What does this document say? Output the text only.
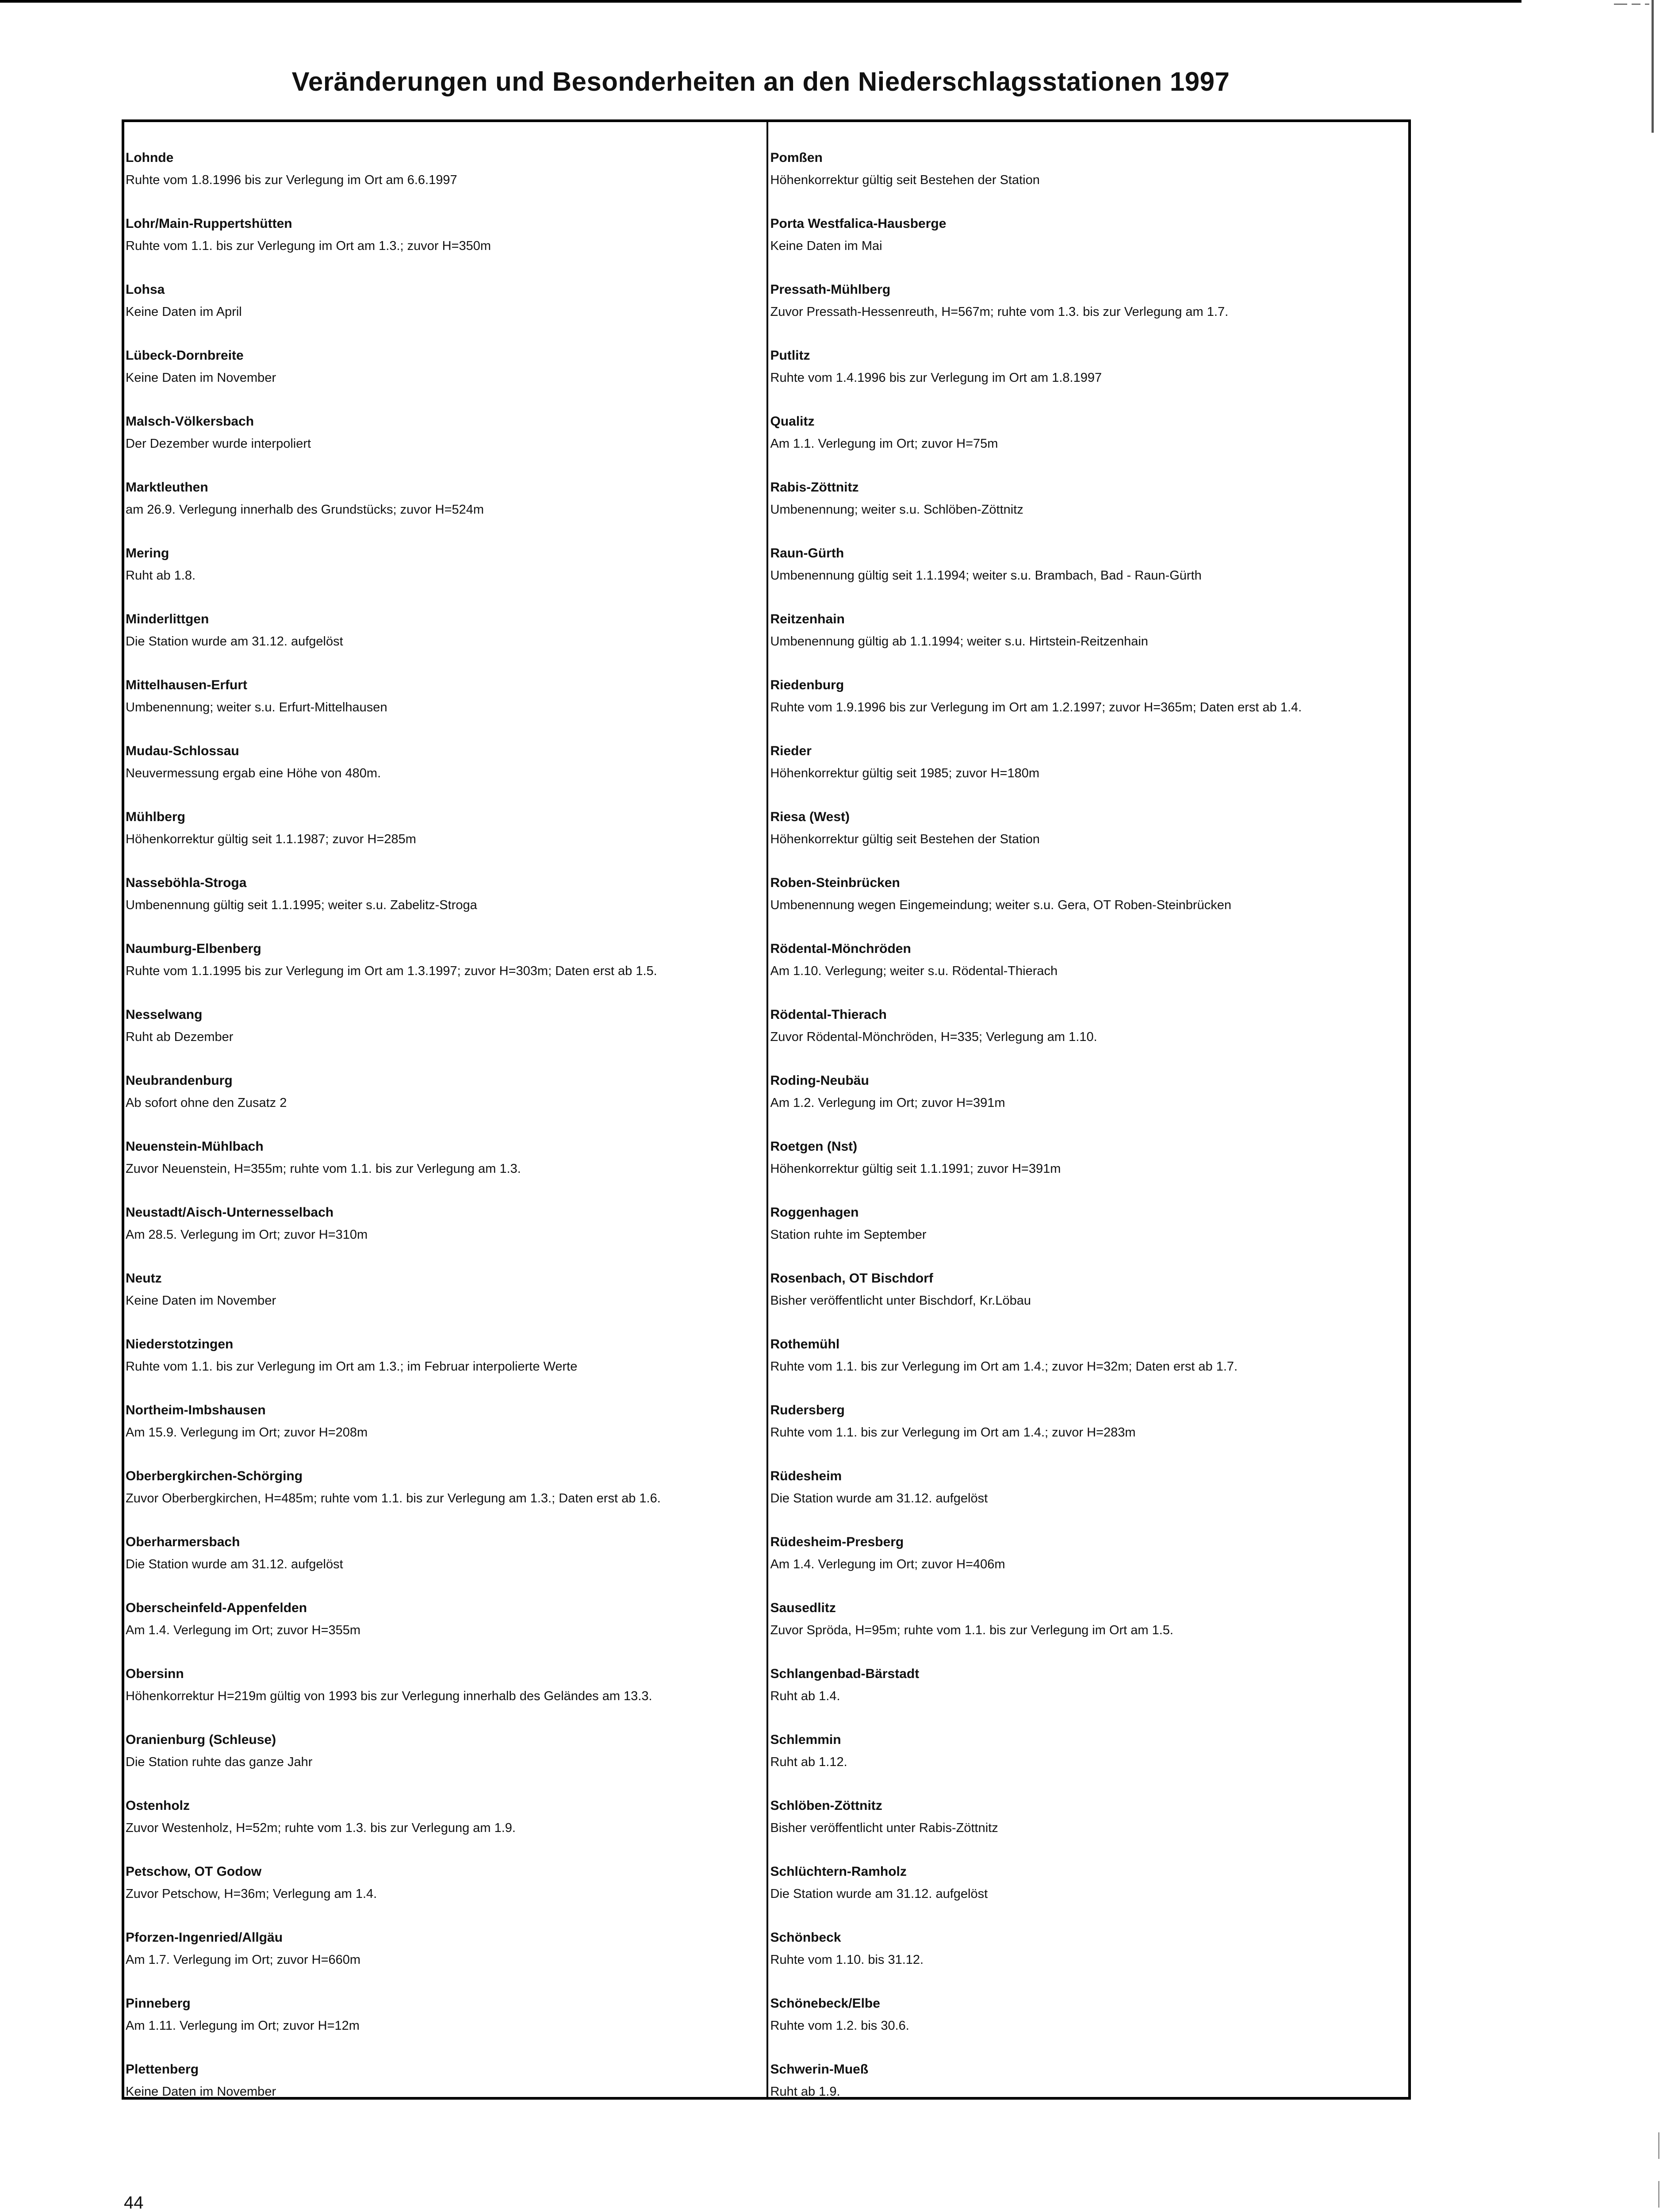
Veränderungen und Besonderheiten an den Niederschlagsstationen 1997
Lohnde
Ruhte vom 1.8.1996 bis zur Verlegung im Ort am 6.6.1997
Lohr/Main-Ruppertshütten
Ruhte vom 1.1. bis zur Verlegung im Ort am 1.3.; zuvor H=350m
Lohsa
Keine Daten im April
Lübeck-Dornbreite
Keine Daten im November
Malsch-Völkersbach
Der Dezember wurde interpoliert
Marktleuthen
am 26.9. Verlegung innerhalb des Grundstücks; zuvor H=524m
Mering
Ruht ab 1.8.
Minderlittgen
Die Station wurde am 31.12. aufgelöst
Mittelhausen-Erfurt
Umbenennung; weiter s.u. Erfurt-Mittelhausen
Mudau-Schlossau
Neuvermessung ergab eine Höhe von 480m.
Mühlberg
Höhenkorrektur gültig seit 1.1.1987; zuvor H=285m
Nasseböhla-Stroga
Umbenennung gültig seit 1.1.1995; weiter s.u. Zabelitz-Stroga
Naumburg-Elbenberg
Ruhte vom 1.1.1995 bis zur Verlegung im Ort am 1.3.1997; zuvor H=303m; Daten erst ab 1.5.
Nesselwang
Ruht ab Dezember
Neubrandenburg
Ab sofort ohne den Zusatz 2
Neuenstein-Mühlbach
Zuvor Neuenstein, H=355m; ruhte vom 1.1. bis zur Verlegung am 1.3.
Neustadt/Aisch-Unternesselbach
Am 28.5. Verlegung im Ort; zuvor H=310m
Neutz
Keine Daten im November
Niederstotzingen
Ruhte vom 1.1. bis zur Verlegung im Ort am 1.3.; im Februar interpolierte Werte
Northeim-Imbshausen
Am 15.9. Verlegung im Ort; zuvor H=208m
Oberbergkirchen-Schörging
Zuvor Oberbergkirchen, H=485m; ruhte vom 1.1. bis zur Verlegung am 1.3.; Daten erst ab 1.6.
Oberharmersbach
Die Station wurde am 31.12. aufgelöst
Oberscheinfeld-Appenfelden
Am 1.4. Verlegung im Ort; zuvor H=355m
Obersinn
Höhenkorrektur H=219m gültig von 1993 bis zur Verlegung innerhalb des Geländes am 13.3.
Oranienburg (Schleuse)
Die Station ruhte das ganze Jahr
Ostenholz
Zuvor Westenholz, H=52m; ruhte vom 1.3. bis zur Verlegung am 1.9.
Petschow, OT Godow
Zuvor Petschow, H=36m; Verlegung am 1.4.
Pforzen-Ingenried/Allgäu
Am 1.7. Verlegung im Ort; zuvor H=660m
Pinneberg
Am 1.11. Verlegung im Ort; zuvor H=12m
Plettenberg
Keine Daten im November
Pomßen
Höhenkorrektur gültig seit Bestehen der Station
Porta Westfalica-Hausberge
Keine Daten im Mai
Pressath-Mühlberg
Zuvor Pressath-Hessenreuth, H=567m; ruhte vom 1.3. bis zur Verlegung am 1.7.
Putlitz
Ruhte vom 1.4.1996 bis zur Verlegung im Ort am 1.8.1997
Qualitz
Am 1.1. Verlegung im Ort; zuvor H=75m
Rabis-Zöttnitz
Umbenennung; weiter s.u. Schlöben-Zöttnitz
Raun-Gürth
Umbenennung gültig seit 1.1.1994; weiter s.u. Brambach, Bad - Raun-Gürth
Reitzenhain
Umbenennung gültig ab 1.1.1994; weiter s.u. Hirtstein-Reitzenhain
Riedenburg
Ruhte vom 1.9.1996 bis zur Verlegung im Ort am 1.2.1997; zuvor H=365m; Daten erst ab 1.4.
Rieder
Höhenkorrektur gültig seit 1985; zuvor H=180m
Riesa (West)
Höhenkorrektur gültig seit Bestehen der Station
Roben-Steinbrücken
Umbenennung wegen Eingemeindung; weiter s.u. Gera, OT Roben-Steinbrücken
Rödental-Mönchröden
Am 1.10. Verlegung; weiter s.u. Rödental-Thierach
Rödental-Thierach
Zuvor Rödental-Mönchröden, H=335; Verlegung am 1.10.
Roding-Neubäu
Am 1.2. Verlegung im Ort; zuvor H=391m
Roetgen (Nst)
Höhenkorrektur gültig seit 1.1.1991; zuvor H=391m
Roggenhagen
Station ruhte im September
Rosenbach, OT Bischdorf
Bisher veröffentlicht unter Bischdorf, Kr.Löbau
Rothemühl
Ruhte vom 1.1. bis zur Verlegung im Ort am 1.4.; zuvor H=32m; Daten erst ab 1.7.
Rudersberg
Ruhte vom 1.1. bis zur Verlegung im Ort am 1.4.; zuvor H=283m
Rüdesheim
Die Station wurde am 31.12. aufgelöst
Rüdesheim-Presberg
Am 1.4. Verlegung im Ort; zuvor H=406m
Sausedlitz
Zuvor Spröda, H=95m; ruhte vom 1.1. bis zur Verlegung im Ort am 1.5.
Schlangenbad-Bärstadt
Ruht ab 1.4.
Schlemmin
Ruht ab 1.12.
Schlöben-Zöttnitz
Bisher veröffentlicht unter Rabis-Zöttnitz
Schlüchtern-Ramholz
Die Station wurde am 31.12. aufgelöst
Schönbeck
Ruhte vom 1.10. bis 31.12.
Schönebeck/Elbe
Ruhte vom 1.2. bis 30.6.
Schwerin-Mueß
Ruht ab 1.9.
44
